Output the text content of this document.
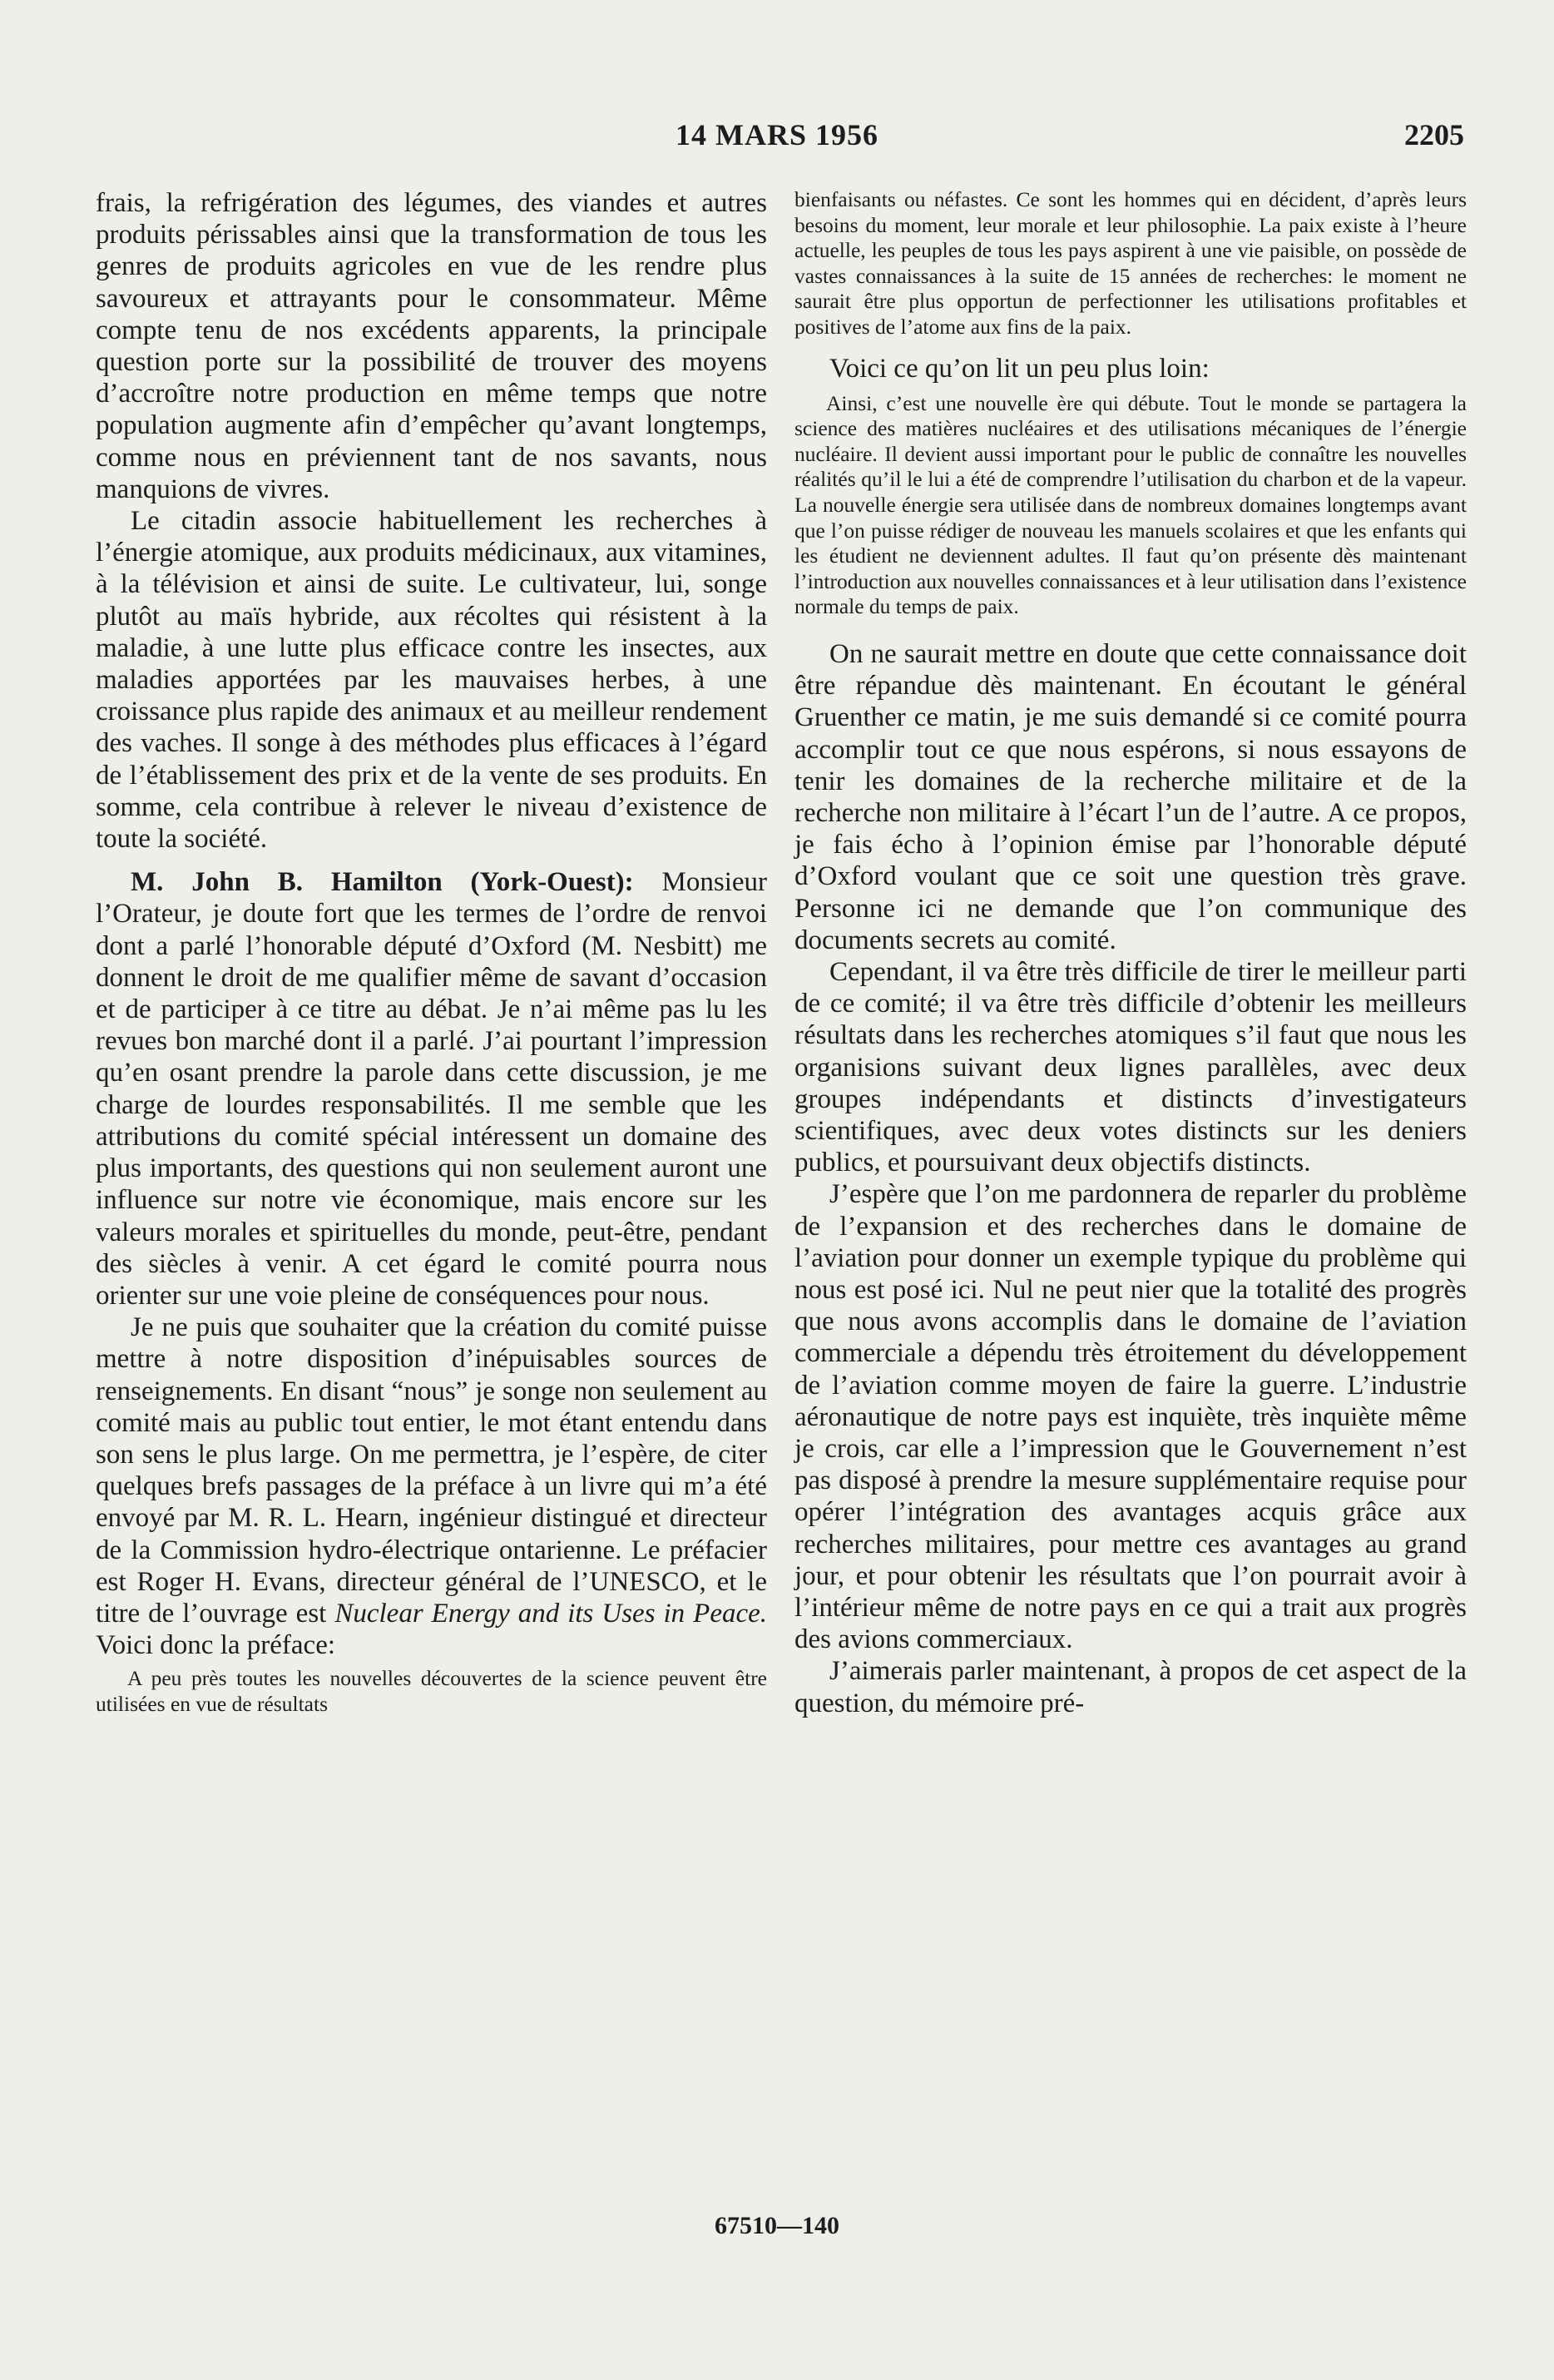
14 MARS 1956	2205

frais, la refrigération des légumes, des viandes et autres produits périssables ainsi que la transformation de tous les genres de produits agricoles en vue de les rendre plus savoureux et attrayants pour le consommateur. Même compte tenu de nos excédents apparents, la principale question porte sur la possibilité de trouver des moyens d’accroître notre production en même temps que notre population augmente afin d’empêcher qu’avant longtemps, comme nous en préviennent tant de nos savants, nous manquions de vivres.

Le citadin associe habituellement les recherches à l’énergie atomique, aux produits médicinaux, aux vitamines, à la télévision et ainsi de suite. Le cultivateur, lui, songe plutôt au maïs hybride, aux récoltes qui résistent à la maladie, à une lutte plus efficace contre les insectes, aux maladies apportées par les mauvaises herbes, à une croissance plus rapide des animaux et au meilleur rendement des vaches. Il songe à des méthodes plus efficaces à l’égard de l’établissement des prix et de la vente de ses produits. En somme, cela contribue à relever le niveau d’existence de toute la société.

M. John B. Hamilton (York-Ouest): Monsieur l’Orateur, je doute fort que les termes de l’ordre de renvoi dont a parlé l’honorable député d’Oxford (M. Nesbitt) me donnent le droit de me qualifier même de savant d’occasion et de participer à ce titre au débat. Je n’ai même pas lu les revues bon marché dont il a parlé. J’ai pourtant l’impression qu’en osant prendre la parole dans cette discussion, je me charge de lourdes responsabilités. Il me semble que les attributions du comité spécial intéressent un domaine des plus importants, des questions qui non seulement auront une influence sur notre vie économique, mais encore sur les valeurs morales et spirituelles du monde, peut-être, pendant des siècles à venir. A cet égard le comité pourra nous orienter sur une voie pleine de conséquences pour nous.

Je ne puis que souhaiter que la création du comité puisse mettre à notre disposition d’inépuisables sources de renseignements. En disant “nous” je songe non seulement au comité mais au public tout entier, le mot étant entendu dans son sens le plus large. On me permettra, je l’espère, de citer quelques brefs passages de la préface à un livre qui m’a été envoyé par M. R. L. Hearn, ingénieur distingué et directeur de la Commission hydro-électrique ontarienne. Le préfacier est Roger H. Evans, directeur général de l’UNESCO, et le titre de l’ouvrage est Nuclear Energy and its Uses in Peace. Voici donc la préface:

A peu près toutes les nouvelles découvertes de la science peuvent être utilisées en vue de résultats

bienfaisants ou néfastes. Ce sont les hommes qui en décident, d’après leurs besoins du moment, leur morale et leur philosophie. La paix existe à l’heure actuelle, les peuples de tous les pays aspirent à une vie paisible, on possède de vastes connaissances à la suite de 15 années de recherches: le moment ne saurait être plus opportun de perfectionner les utilisations profitables et positives de l’atome aux fins de la paix.

Voici ce qu’on lit un peu plus loin:

Ainsi, c’est une nouvelle ère qui débute. Tout le monde se partagera la science des matières nucléaires et des utilisations mécaniques de l’énergie nucléaire. Il devient aussi important pour le public de connaître les nouvelles réalités qu’il le lui a été de comprendre l’utilisation du charbon et de la vapeur. La nouvelle énergie sera utilisée dans de nombreux domaines longtemps avant que l’on puisse rédiger de nouveau les manuels scolaires et que les enfants qui les étudient ne deviennent adultes. Il faut qu’on présente dès maintenant l’introduction aux nouvelles connaissances et à leur utilisation dans l’existence normale du temps de paix.

On ne saurait mettre en doute que cette connaissance doit être répandue dès maintenant. En écoutant le général Gruenther ce matin, je me suis demandé si ce comité pourra accomplir tout ce que nous espérons, si nous essayons de tenir les domaines de la recherche militaire et de la recherche non militaire à l’écart l’un de l’autre. A ce propos, je fais écho à l’opinion émise par l’honorable député d’Oxford voulant que ce soit une question très grave. Personne ici ne demande que l’on communique des documents secrets au comité.

Cependant, il va être très difficile de tirer le meilleur parti de ce comité; il va être très difficile d’obtenir les meilleurs résultats dans les recherches atomiques s’il faut que nous les organisions suivant deux lignes parallèles, avec deux groupes indépendants et distincts d’investigateurs scientifiques, avec deux votes distincts sur les deniers publics, et poursuivant deux objectifs distincts.

J’espère que l’on me pardonnera de reparler du problème de l’expansion et des recherches dans le domaine de l’aviation pour donner un exemple typique du problème qui nous est posé ici. Nul ne peut nier que la totalité des progrès que nous avons accomplis dans le domaine de l’aviation commerciale a dépendu très étroitement du développement de l’aviation comme moyen de faire la guerre. L’industrie aéronautique de notre pays est inquiète, très inquiète même je crois, car elle a l’impression que le Gouvernement n’est pas disposé à prendre la mesure supplémentaire requise pour opérer l’intégration des avantages acquis grâce aux recherches militaires, pour mettre ces avantages au grand jour, et pour obtenir les résultats que l’on pourrait avoir à l’intérieur même de notre pays en ce qui a trait aux progrès des avions commerciaux.

J’aimerais parler maintenant, à propos de cet aspect de la question, du mémoire pré-

67510—140
